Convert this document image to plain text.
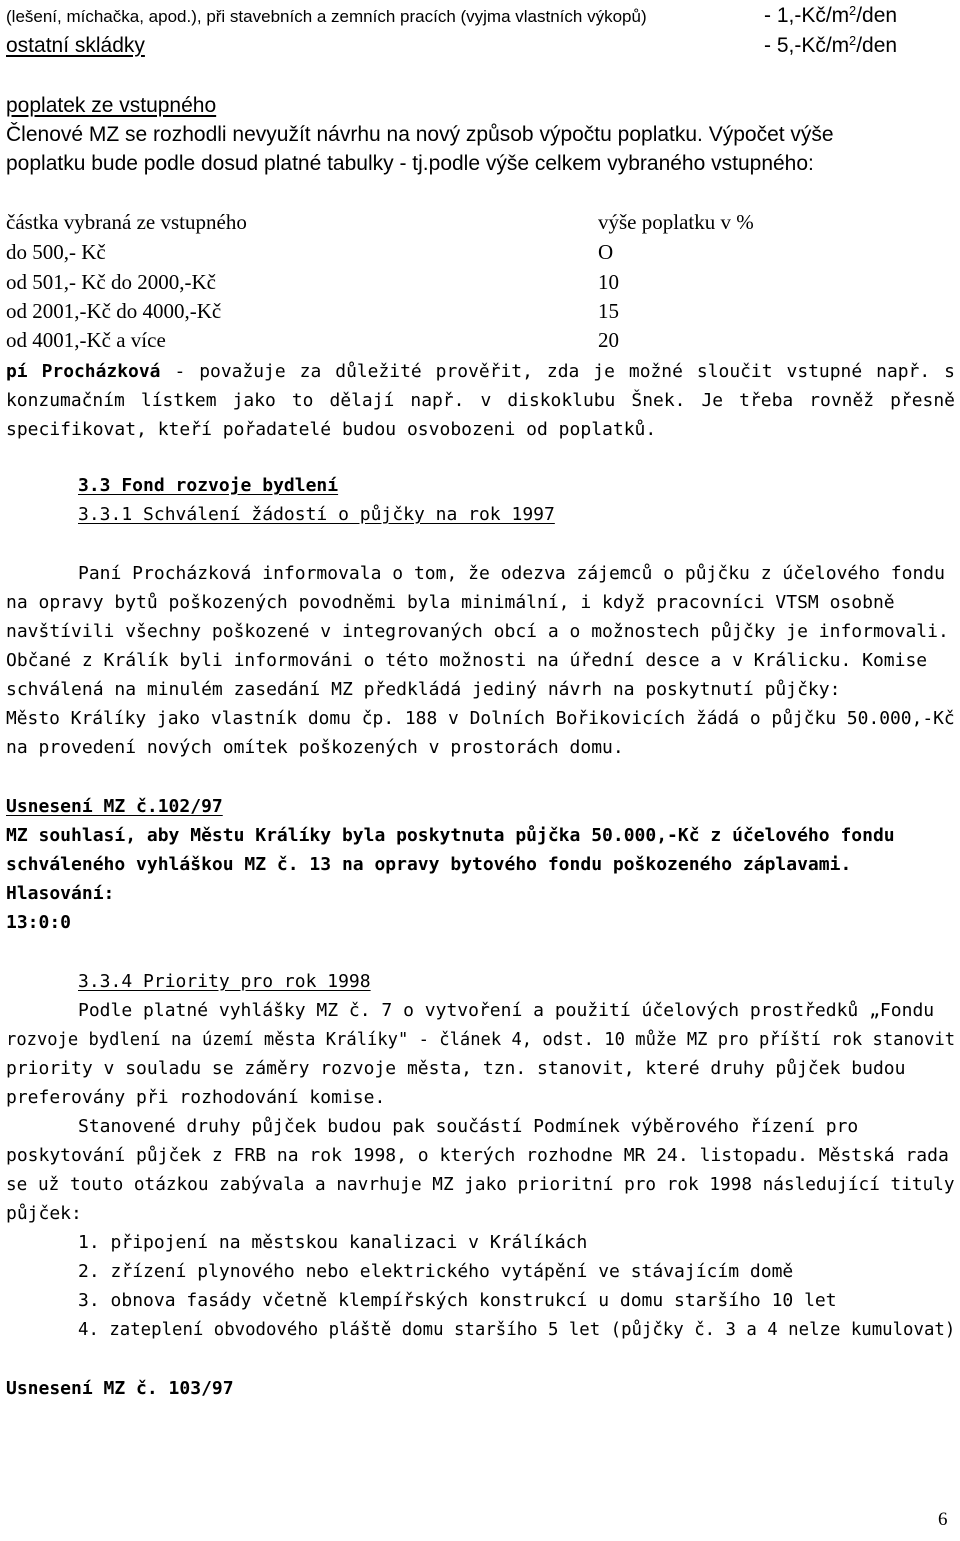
(lešení, míchačka, apod.), při stavebních a zemních pracích (vyjma vlastních výkopů)	- $1,-Kč/m^2$/den
ostatní skládky	- $5,-Kč/m^2$/den
poplatek ze vstupného
Členové MZ se rozhodli nevyužít návrhu na nový způsob výpočtu poplatku. Výpočet výše
poplatku bude podle dosud platné tabulky - tj.podle výše celkem vybraného vstupného:
částka vybraná ze vstupného	výše poplatku v %
do 500,- Kč	O
od 501,- Kč do 2000,-Kč	10
od 2001,-Kč do 4000,-Kč	15
od 4001,-Kč a více	20
pí Procházková - považuje za důležité prověřit, zda je možné sloučit vstupné např. s
konzumačním lístkem jako to dělají např. v diskoklubu Šnek. Je třeba rovněž přesně
specifikovat, kteří pořadatelé budou osvobozeni od poplatků.
3.3 Fond rozvoje bydlení
3.3.1 Schválení žádostí o půjčky na rok 1997
Paní Procházková informovala o tom, že odezva zájemců o půjčku z účelového fondu
na opravy bytů poškozených povodněmi byla minimální, i když pracovníci VTSM osobně
navštívili všechny poškozené v integrovaných obcí a o možnostech půjčky je informovali.
Občané z Králík byli informováni o této možnosti na úřední desce a v Králicku. Komise
schválená na minulém zasedání MZ předkládá jediný návrh na poskytnutí půjčky:
Město Králíky jako vlastník domu čp. 188 v Dolních Bořikovicích žádá o půjčku 50.000,-Kč
na provedení nových omítek poškozených v prostorách domu.
Usnesení MZ č.102/97
MZ souhlasí, aby Městu Králíky byla poskytnuta půjčka 50.000,-Kč z účelového fondu
schváleného vyhláškou MZ č. 13 na opravy bytového fondu poškozeného záplavami.
Hlasování:
13:0:0
3.3.4 Priority pro rok 1998
Podle platné vyhlášky MZ č. 7 o vytvoření a použití účelových prostředků „Fondu
rozvoje bydlení na území města Králíky" - článek 4, odst. 10 může MZ pro příští rok stanovit
priority v souladu se záměry rozvoje města, tzn. stanovit, které druhy půjček budou
preferovány při rozhodování komise.
Stanovené druhy půjček budou pak součástí Podmínek výběrového řízení pro
poskytování půjček z FRB na rok 1998, o kterých rozhodne MR 24. listopadu. Městská rada
se už touto otázkou zabývala a navrhuje MZ jako prioritní pro rok 1998 následující tituly
půjček:
1. připojení na městskou kanalizaci v Králíkách
2. zřízení plynového nebo elektrického vytápění ve stávajícím domě
3. obnova fasády včetně klempířských konstrukcí u domu staršího 10 let
4. zateplení obvodového pláště domu staršího 5 let (půjčky č. 3 a 4 nelze kumulovat)
Usnesení MZ č. 103/97
6
